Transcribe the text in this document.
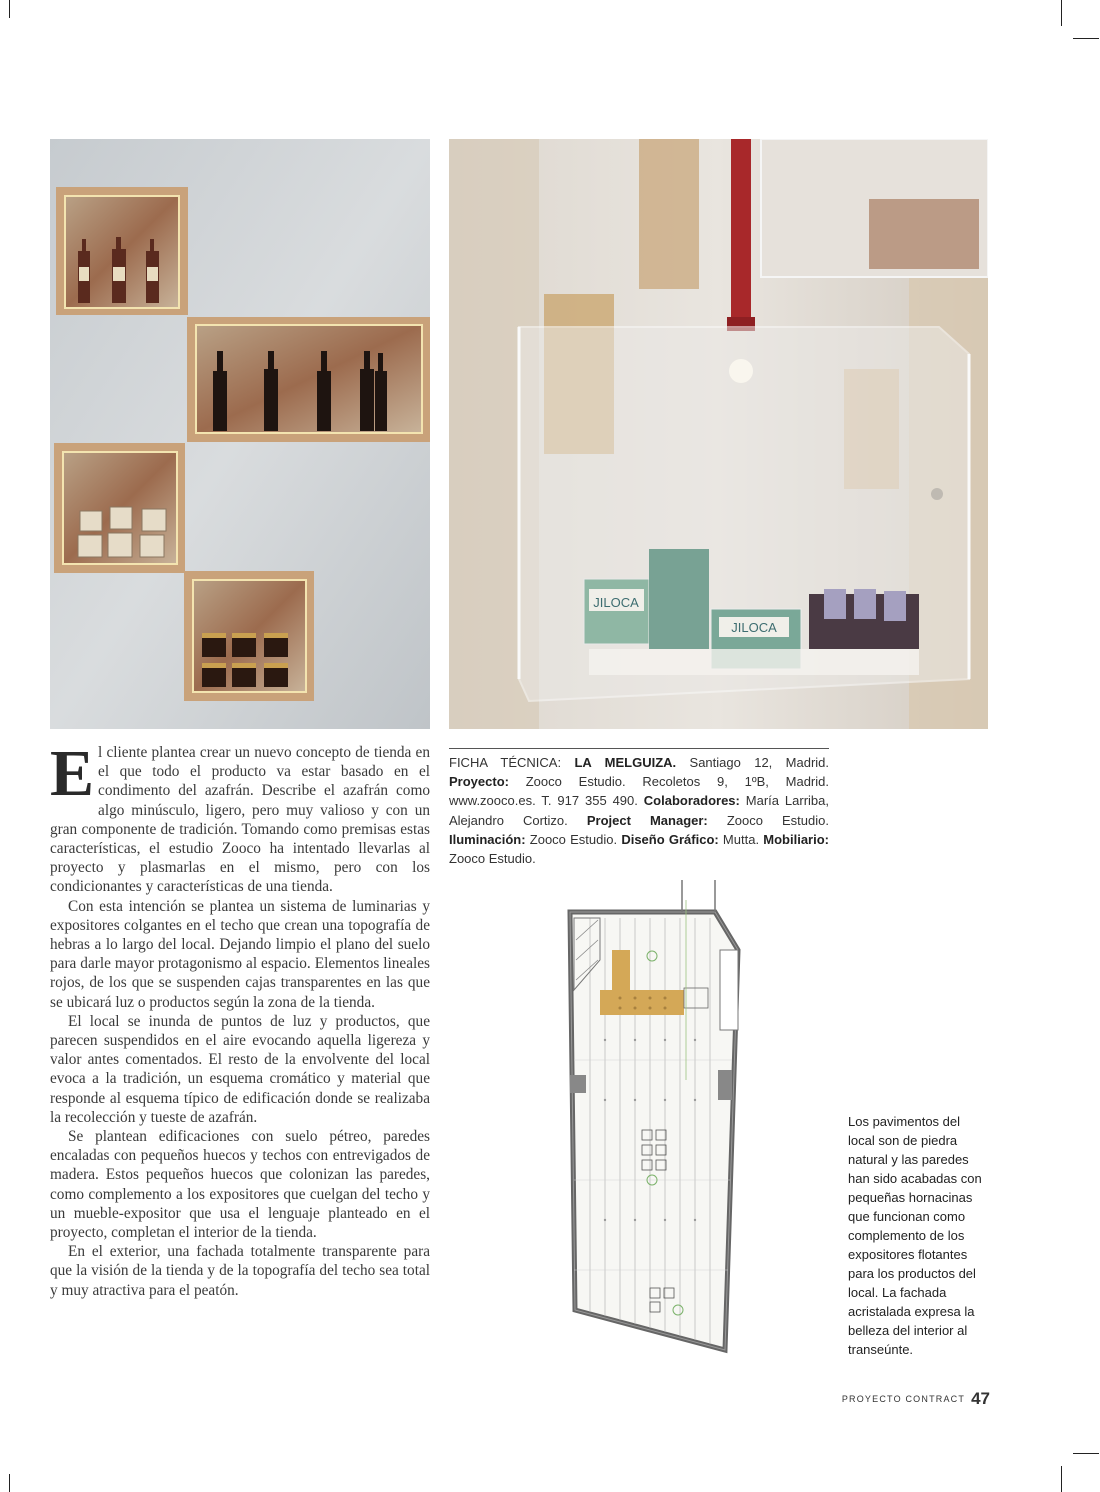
JILOCA
JILOCA

El cliente plantea crear un nuevo concepto de tienda en el que todo el producto va estar basado en el condimento del azafrán. Describe el azafrán como algo minúsculo, ligero, pero muy valioso y con un gran componente de tradición. Tomando como premisas estas características, el estudio Zooco ha intentado llevarlas al proyecto y plasmarlas en el mismo, pero con los condicionantes y características de una tienda.

Con esta intención se plantea un sistema de luminarias y expositores colgantes en el techo que crean una topografía de hebras a lo largo del local. Dejando limpio el plano del suelo para darle mayor protagonismo al espacio. Elementos lineales rojos, de los que se suspenden cajas transparentes en las que se ubicará luz o productos según la zona de la tienda.

El local se inunda de puntos de luz y productos, que parecen suspendidos en el aire evocando aquella ligereza y valor antes comentados. El resto de la envolvente del local evoca a la tradición, un esquema cromático y material que responde al esquema típico de edificación donde se realizaba la recolección y tueste de azafrán.

Se plantean edificaciones con suelo pétreo, paredes encaladas con pequeños huecos y techos con entrevigados de madera. Estos pequeños huecos que colonizan las paredes, como complemento a los expositores que cuelgan del techo y un mueble-expositor que usa el lenguaje planteado en el proyecto, completan el interior de la tienda.

En el exterior, una fachada totalmente transparente para que la visión de la tienda y de la topografía del techo sea total y muy atractiva para el peatón.

FICHA TÉCNICA: LA MELGUIZA. Santiago 12, Madrid. Proyecto: Zooco Estudio. Recoletos 9, 1ºB, Madrid. www.zooco.es. T. 917 355 490. Colaboradores: María Larriba, Alejandro Cortizo. Project Manager: Zooco Estudio. Iluminación: Zooco Estudio. Diseño Gráfico: Mutta. Mobiliario: Zooco Estudio.
Los pavimentos del local son de piedra natural y las paredes han sido acabadas con pequeñas hornacinas que funcionan como complemento de los expositores flotantes para los productos del local. La fachada acristalada expresa la belleza del interior al transeúnte.
PROYECTO CONTRACT 47
